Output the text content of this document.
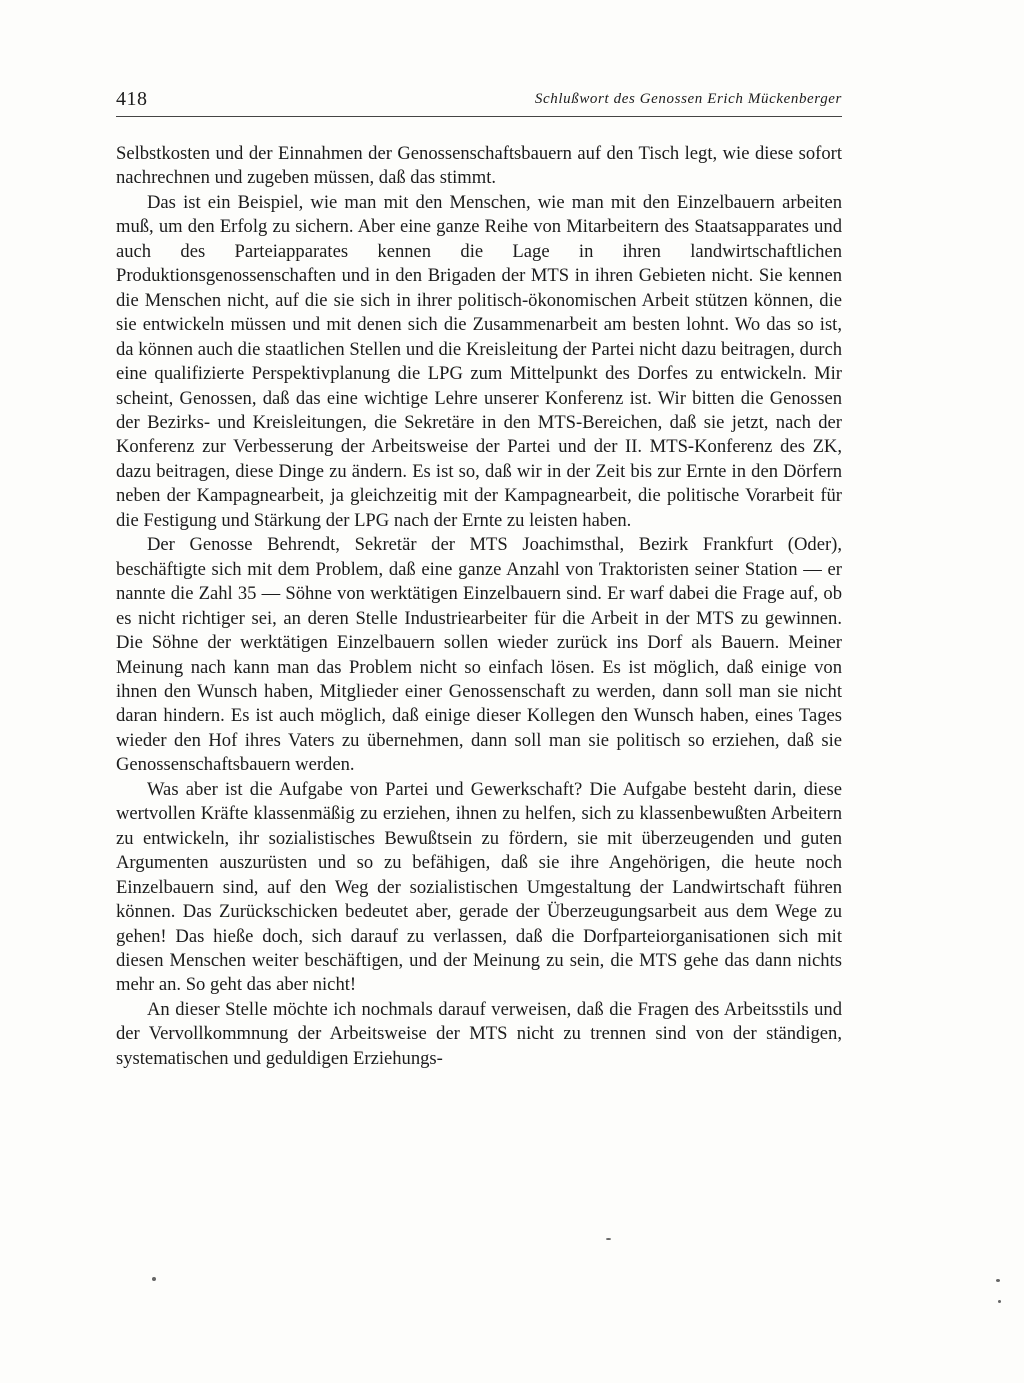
418	Schlußwort des Genossen Erich Mückenberger

Selbstkosten und der Einnahmen der Genossenschaftsbauern auf den Tisch legt, wie diese sofort nachrechnen und zugeben müssen, daß das stimmt.

Das ist ein Beispiel, wie man mit den Menschen, wie man mit den Einzelbauern arbeiten muß, um den Erfolg zu sichern. Aber eine ganze Reihe von Mitarbeitern des Staatsapparates und auch des Parteiapparates kennen die Lage in ihren landwirtschaftlichen Produktionsgenossenschaften und in den Brigaden der MTS in ihren Gebieten nicht. Sie kennen die Menschen nicht, auf die sie sich in ihrer politisch-ökonomischen Arbeit stützen können, die sie entwickeln müssen und mit denen sich die Zusammenarbeit am besten lohnt. Wo das so ist, da können auch die staatlichen Stellen und die Kreisleitung der Partei nicht dazu beitragen, durch eine qualifizierte Perspektivplanung die LPG zum Mittelpunkt des Dorfes zu entwickeln. Mir scheint, Genossen, daß das eine wichtige Lehre unserer Konferenz ist. Wir bitten die Genossen der Bezirks- und Kreisleitungen, die Sekretäre in den MTS-Bereichen, daß sie jetzt, nach der Konferenz zur Verbesserung der Arbeitsweise der Partei und der II. MTS-Konferenz des ZK, dazu beitragen, diese Dinge zu ändern. Es ist so, daß wir in der Zeit bis zur Ernte in den Dörfern neben der Kampagnearbeit, ja gleichzeitig mit der Kampagnearbeit, die politische Vorarbeit für die Festigung und Stärkung der LPG nach der Ernte zu leisten haben.

Der Genosse Behrendt, Sekretär der MTS Joachimsthal, Bezirk Frankfurt (Oder), beschäftigte sich mit dem Problem, daß eine ganze Anzahl von Traktoristen seiner Station — er nannte die Zahl 35 — Söhne von werktätigen Einzelbauern sind. Er warf dabei die Frage auf, ob es nicht richtiger sei, an deren Stelle Industriearbeiter für die Arbeit in der MTS zu gewinnen. Die Söhne der werktätigen Einzelbauern sollen wieder zurück ins Dorf als Bauern. Meiner Meinung nach kann man das Problem nicht so einfach lösen. Es ist möglich, daß einige von ihnen den Wunsch haben, Mitglieder einer Genossenschaft zu werden, dann soll man sie nicht daran hindern. Es ist auch möglich, daß einige dieser Kollegen den Wunsch haben, eines Tages wieder den Hof ihres Vaters zu übernehmen, dann soll man sie politisch so erziehen, daß sie Genossenschaftsbauern werden.

Was aber ist die Aufgabe von Partei und Gewerkschaft? Die Aufgabe besteht darin, diese wertvollen Kräfte klassenmäßig zu erziehen, ihnen zu helfen, sich zu klassenbewußten Arbeitern zu entwickeln, ihr sozialistisches Bewußtsein zu fördern, sie mit überzeugenden und guten Argumenten auszurüsten und so zu befähigen, daß sie ihre Angehörigen, die heute noch Einzelbauern sind, auf den Weg der sozialistischen Umgestaltung der Landwirtschaft führen können. Das Zurückschicken bedeutet aber, gerade der Überzeugungsarbeit aus dem Wege zu gehen! Das hieße doch, sich darauf zu verlassen, daß die Dorfparteiorganisationen sich mit diesen Menschen weiter beschäftigen, und der Meinung zu sein, die MTS gehe das dann nichts mehr an. So geht das aber nicht!

An dieser Stelle möchte ich nochmals darauf verweisen, daß die Fragen des Arbeitsstils und der Vervollkommnung der Arbeitsweise der MTS nicht zu trennen sind von der ständigen, systematischen und geduldigen Erziehungs-
